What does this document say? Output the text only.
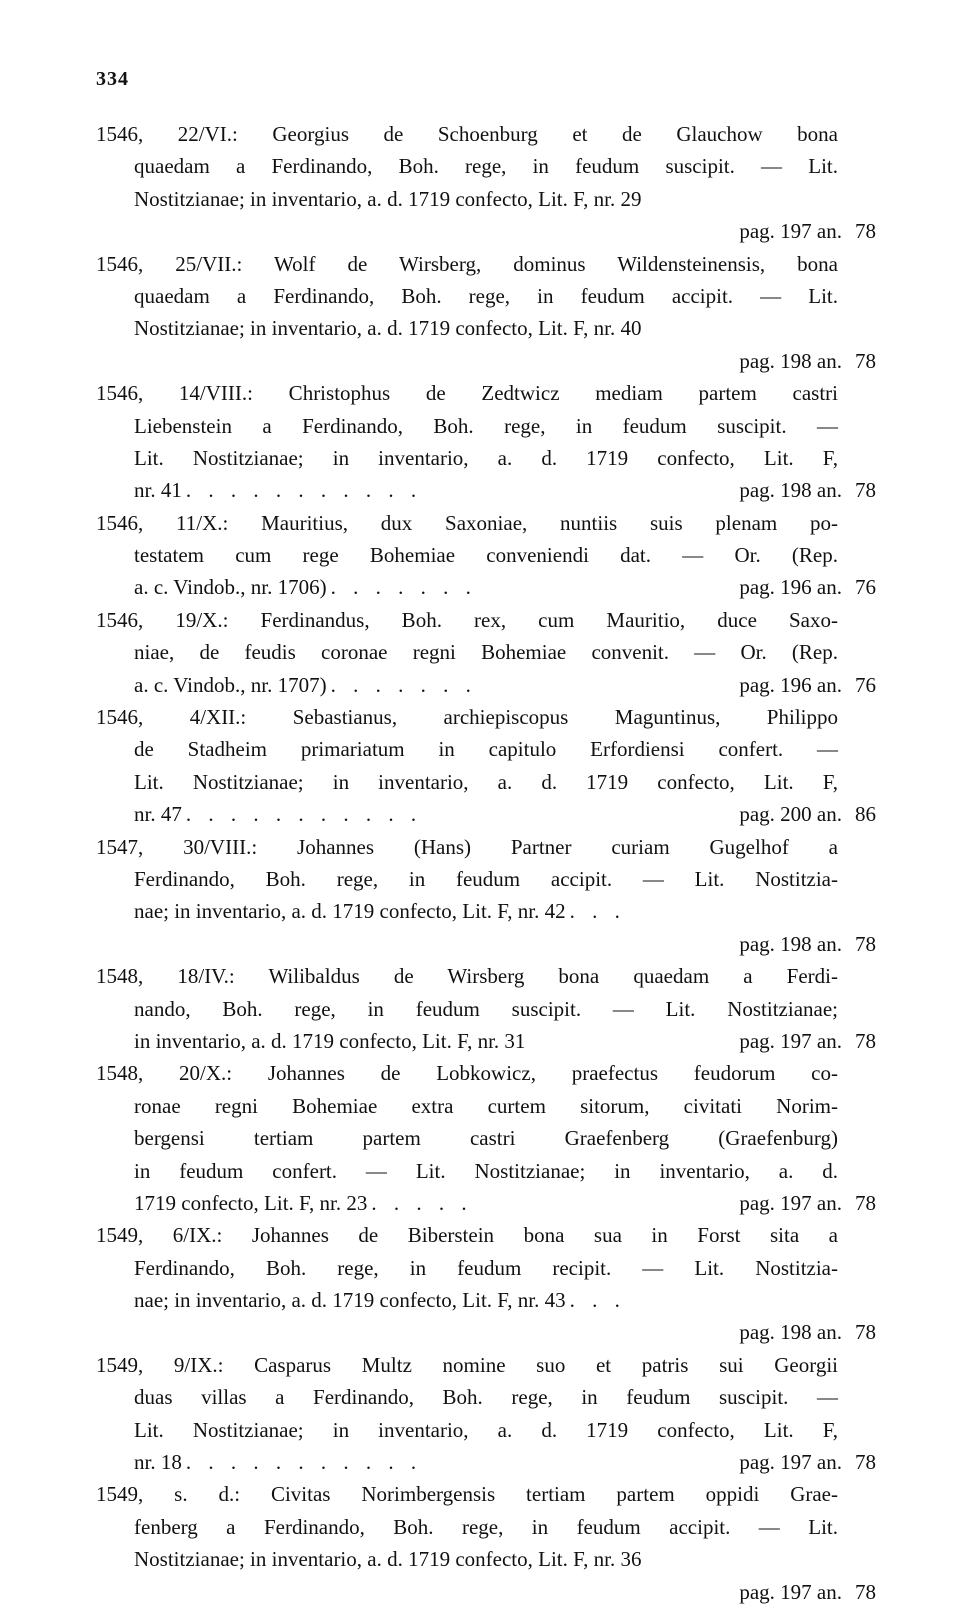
334
1546, 22/VI.: Georgius de Schoenburg et de Glauchow bona
quaedam a Ferdinando, Boh. rege, in feudum suscipit. — Lit.
Nostitzianae; in inventario, a. d. 1719 confecto, Lit. F, nr. 29
pag. 197 an. 78
1546, 25/VII.: Wolf de Wirsberg, dominus Wildensteinensis, bona
quaedam a Ferdinando, Boh. rege, in feudum accipit. — Lit.
Nostitzianae; in inventario, a. d. 1719 confecto, Lit. F, nr. 40
pag. 198 an. 78
1546, 14/VIII.: Christophus de Zedtwicz mediam partem castri
Liebenstein a Ferdinando, Boh. rege, in feudum suscipit. —
Lit. Nostitzianae; in inventario, a. d. 1719 confecto, Lit. F,
nr. 41 . . . . . . . . . . .	pag. 198 an. 78
1546, 11/X.: Mauritius, dux Saxoniae, nuntiis suis plenam po-
testatem cum rege Bohemiae conveniendi dat. — Or. (Rep.
a. c. Vindob., nr. 1706) . . . . . . .	pag. 196 an. 76
1546, 19/X.: Ferdinandus, Boh. rex, cum Mauritio, duce Saxo-
niae, de feudis coronae regni Bohemiae convenit. — Or. (Rep.
a. c. Vindob., nr. 1707) . . . . . . .	pag. 196 an. 76
1546, 4/XII.: Sebastianus, archiepiscopus Maguntinus, Philippo
de Stadheim primariatum in capitulo Erfordiensi confert. —
Lit. Nostitzianae; in inventario, a. d. 1719 confecto, Lit. F,
nr. 47 . . . . . . . . . . .	pag. 200 an. 86
1547, 30/VIII.: Johannes (Hans) Partner curiam Gugelhof a
Ferdinando, Boh. rege, in feudum accipit. — Lit. Nostitzia-
nae; in inventario, a. d. 1719 confecto, Lit. F, nr. 42 . . .
pag. 198 an. 78
1548, 18/IV.: Wilibaldus de Wirsberg bona quaedam a Ferdi-
nando, Boh. rege, in feudum suscipit. — Lit. Nostitzianae;
in inventario, a. d. 1719 confecto, Lit. F, nr. 31	pag. 197 an. 78
1548, 20/X.: Johannes de Lobkowicz, praefectus feudorum co-
ronae regni Bohemiae extra curtem sitorum, civitati Norim-
bergensi tertiam partem castri Graefenberg (Graefenburg)
in feudum confert. — Lit. Nostitzianae; in inventario, a. d.
1719 confecto, Lit. F, nr. 23 . . . . .	pag. 197 an. 78
1549, 6/IX.: Johannes de Biberstein bona sua in Forst sita a
Ferdinando, Boh. rege, in feudum recipit. — Lit. Nostitzia-
nae; in inventario, a. d. 1719 confecto, Lit. F, nr. 43 . . .
pag. 198 an. 78
1549, 9/IX.: Casparus Multz nomine suo et patris sui Georgii
duas villas a Ferdinando, Boh. rege, in feudum suscipit. —
Lit. Nostitzianae; in inventario, a. d. 1719 confecto, Lit. F,
nr. 18 . . . . . . . . . . .	pag. 197 an. 78
1549, s. d.: Civitas Norimbergensis tertiam partem oppidi Grae-
fenberg a Ferdinando, Boh. rege, in feudum accipit. — Lit.
Nostitzianae; in inventario, a. d. 1719 confecto, Lit. F, nr. 36
pag. 197 an. 78
